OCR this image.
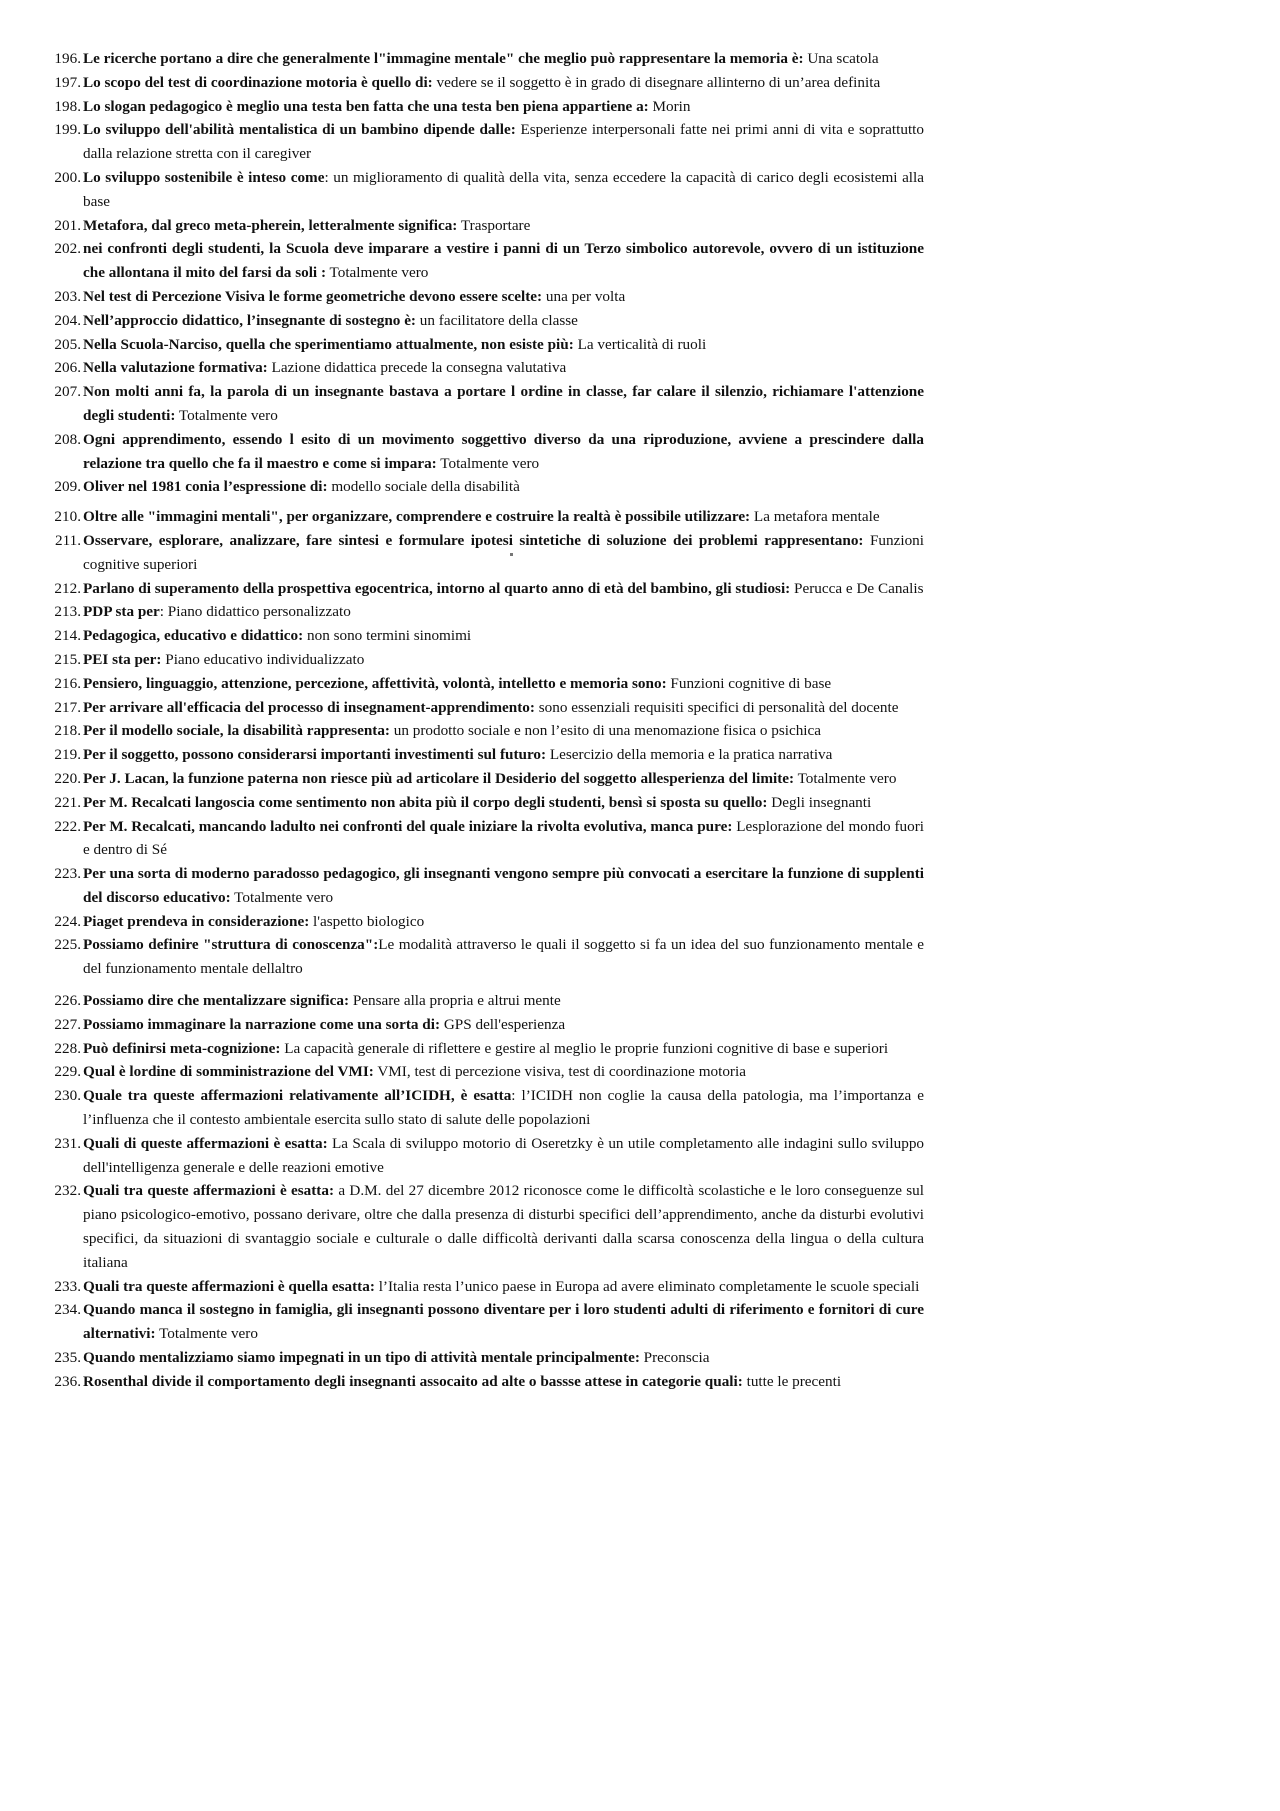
196. Le ricerche portano a dire che generalmente l"immagine mentale" che meglio può rappresentare la memoria è: Una scatola
197. Lo scopo del test di coordinazione motoria è quello di: vedere se il soggetto è in grado di disegnare allinterno di un’area definita
198. Lo slogan pedagogico è meglio una testa ben fatta che una testa ben piena appartiene a: Morin
199. Lo sviluppo dell'abilità mentalistica di un bambino dipende dalle: Esperienze interpersonali fatte nei primi anni di vita e soprattutto dalla relazione stretta con il caregiver
200. Lo sviluppo sostenibile è inteso come: un miglioramento di qualità della vita, senza eccedere la capacità di carico degli ecosistemi alla base
201. Metafora, dal greco meta-pherein, letteralmente significa: Trasportare
202. nei confronti degli studenti, la Scuola deve imparare a vestire i panni di un Terzo simbolico autorevole, ovvero di un istituzione che allontana il mito del farsi da soli : Totalmente vero
203. Nel test di Percezione Visiva le forme geometriche devono essere scelte: una per volta
204. Nell’approccio didattico, l’insegnante di sostegno è: un facilitatore della classe
205. Nella Scuola-Narciso, quella che sperimentiamo attualmente, non esiste più: La verticalità di ruoli
206. Nella valutazione formativa: Lazione didattica precede la consegna valutativa
207. Non molti anni fa, la parola di un insegnante bastava a portare l ordine in classe, far calare il silenzio, richiamare l'attenzione degli studenti: Totalmente vero
208. Ogni apprendimento, essendo l esito di un movimento soggettivo diverso da una riproduzione, avviene a prescindere dalla relazione tra quello che fa il maestro e come si impara: Totalmente vero
209. Oliver nel 1981 conia l’espressione di: modello sociale della disabilità
210. Oltre alle "immagini mentali", per organizzare, comprendere e costruire la realtà è possibile utilizzare: La metafora mentale
211. Osservare, esplorare, analizzare, fare sintesi e formulare ipotesi sintetiche di soluzione dei problemi rappresentano: Funzioni cognitive superiori
212. Parlano di superamento della prospettiva egocentrica, intorno al quarto anno di età del bambino, gli studiosi: Perucca e De Canalis
213. PDP sta per: Piano didattico personalizzato
214. Pedagogica, educativo e didattico: non sono termini sinomimi
215. PEI sta per: Piano educativo individualizzato
216. Pensiero, linguaggio, attenzione, percezione, affettività, volontà, intelletto e memoria sono: Funzioni cognitive di base
217. Per arrivare all'efficacia del processo di insegnament-apprendimento: sono essenziali requisiti specifici di personalità del docente
218. Per il modello sociale, la disabilità rappresenta: un prodotto sociale e non l’esito di una menomazione fisica o psichica
219. Per il soggetto, possono considerarsi importanti investimenti sul futuro: Lesercizio della memoria e la pratica narrativa
220. Per J. Lacan, la funzione paterna non riesce più ad articolare il Desiderio del soggetto allesperienza del limite: Totalmente vero
221. Per M. Recalcati langoscia come sentimento non abita più il corpo degli studenti, bensì si sposta su quello: Degli insegnanti
222. Per M. Recalcati, mancando ladulto nei confronti del quale iniziare la rivolta evolutiva, manca pure: Lesplorazione del mondo fuori e dentro di Sé
223. Per una sorta di moderno paradosso pedagogico, gli insegnanti vengono sempre più convocati a esercitare la funzione di supplenti del discorso educativo: Totalmente vero
224. Piaget prendeva in considerazione: l'aspetto biologico
225. Possiamo definire "struttura di conoscenza":Le modalità attraverso le quali il soggetto si fa un idea del suo funzionamento mentale e del funzionamento mentale dellaltro
226. Possiamo dire che mentalizzare significa: Pensare alla propria e altrui mente
227. Possiamo immaginare la narrazione come una sorta di: GPS dell'esperienza
228. Può definirsi meta-cognizione: La capacità generale di riflettere e gestire al meglio le proprie funzioni cognitive di base e superiori
229. Qual è lordine di somministrazione del VMI: VMI, test di percezione visiva, test di coordinazione motoria
230. Quale tra queste affermazioni relativamente all’ICIDH, è esatta: l’ICIDH non coglie la causa della patologia, ma l’importanza e l’influenza che il contesto ambientale esercita sullo stato di salute delle popolazioni
231. Quali di queste affermazioni è esatta: La Scala di sviluppo motorio di Oseretzky è un utile completamento alle indagini sullo sviluppo dell'intelligenza generale e delle reazioni emotive
232. Quali tra queste affermazioni è esatta: a D.M. del 27 dicembre 2012 riconosce come le difficoltà scolastiche e le loro conseguenze sul piano psicologico-emotivo, possano derivare, oltre che dalla presenza di disturbi specifici dell’apprendimento, anche da disturbi evolutivi specifici, da situazioni di svantaggio sociale e culturale o dalle difficoltà derivanti dalla scarsa conoscenza della lingua o della cultura italiana
233. Quali tra queste affermazioni è quella esatta: l’Italia resta l’unico paese in Europa ad avere eliminato completamente le scuole speciali
234. Quando manca il sostegno in famiglia, gli insegnanti possono diventare per i loro studenti adulti di riferimento e fornitori di cure alternativi: Totalmente vero
235. Quando mentalizziamo siamo impegnati in un tipo di attività mentale principalmente: Preconscia
236. Rosenthal divide il comportamento degli insegnanti assocaito ad alte o bassse attese in categorie quali: tutte le precenti
